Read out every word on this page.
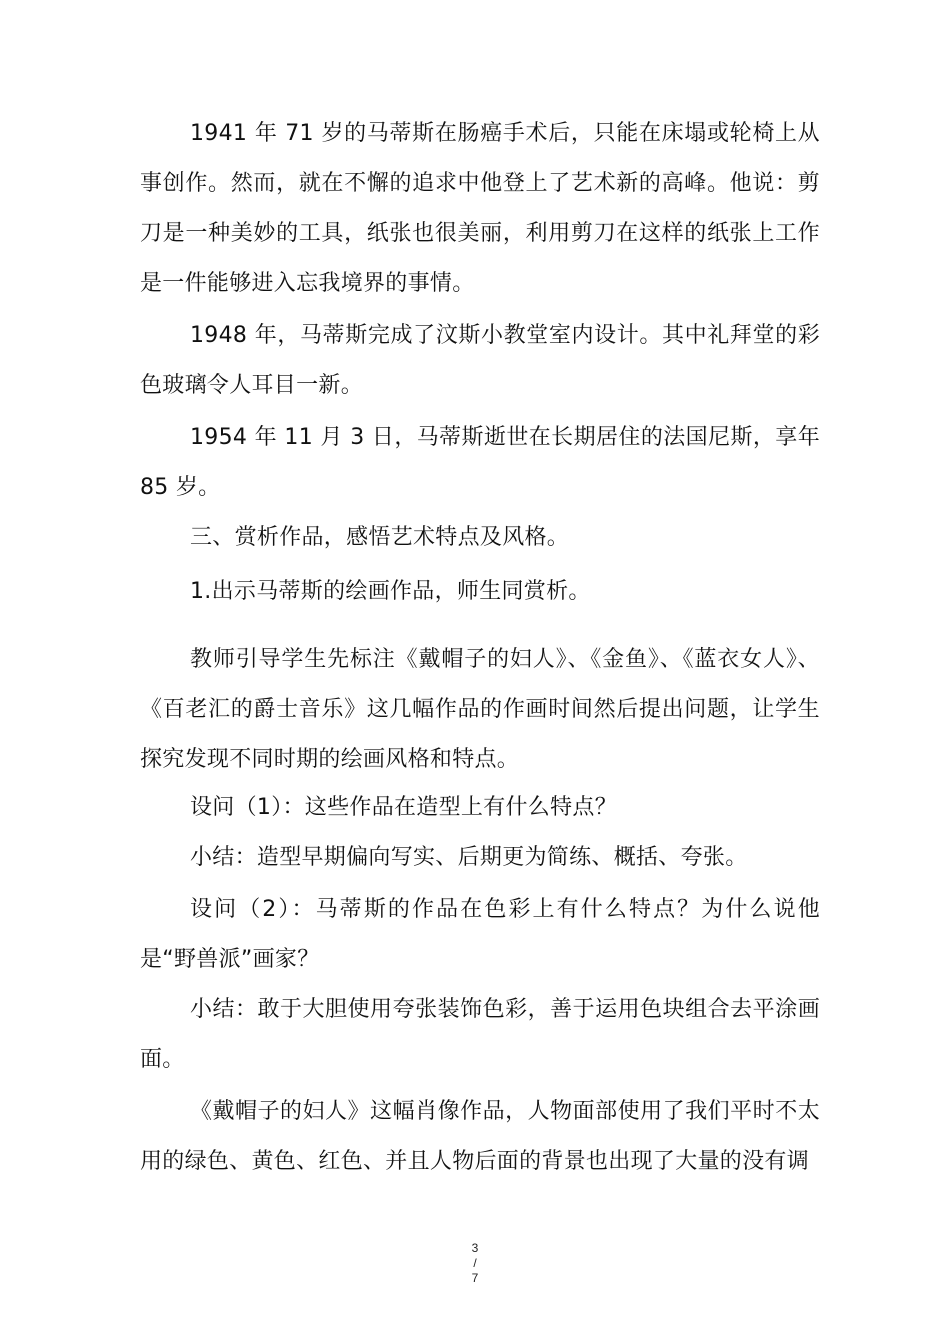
1941 年 71 岁的马蒂斯在肠癌手术后，只能在床塌或轮椅上从事创作。然而，就在不懈的追求中他登上了艺术新的高峰。他说：剪刀是一种美妙的工具，纸张也很美丽，利用剪刀在这样的纸张上工作是一件能够进入忘我境界的事情。

1948 年，马蒂斯完成了汶斯小教堂室内设计。其中礼拜堂的彩色玻璃令人耳目一新。

1954 年 11 月 3 日，马蒂斯逝世在长期居住的法国尼斯，享年 85 岁。

三、赏析作品，感悟艺术特点及风格。

1.出示马蒂斯的绘画作品，师生同赏析。

教师引导学生先标注《戴帽子的妇人》、《金鱼》、《蓝衣女人》、《百老汇的爵士音乐》这几幅作品的作画时间然后提出问题，让学生探究发现不同时期的绘画风格和特点。

设问（1）：这些作品在造型上有什么特点？

小结：造型早期偏向写实、后期更为简练、概括、夸张。

设问（2）：马蒂斯的作品在色彩上有什么特点？为什么说他是“野兽派”画家？

小结：敢于大胆使用夸张装饰色彩，善于运用色块组合去平涂画面。

《戴帽子的妇人》这幅肖像作品，人物面部使用了我们平时不太用的绿色、黄色、红色、并且人物后面的背景也出现了大量的没有调

3
/
7
